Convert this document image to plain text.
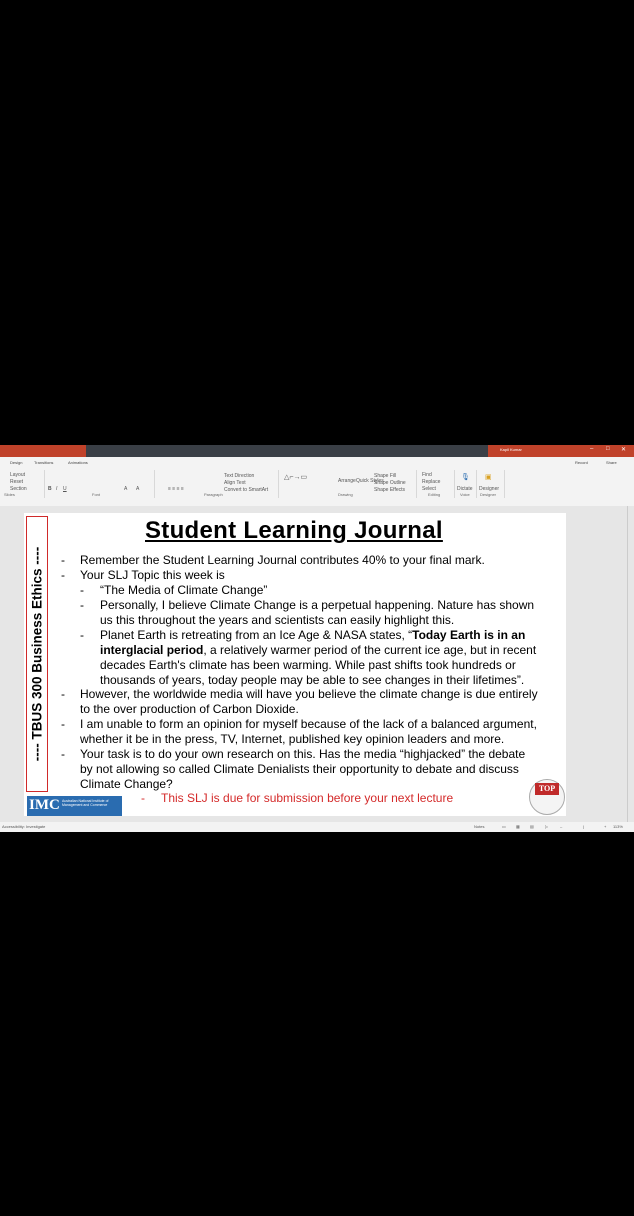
Kapil Kumar	– □ ✕
Design	Transitions	Animations	Record	Share
Layout
Reset
Section
Slides
B I U	A A
Font
Text Direction
Align Text
Convert to SmartArt
≡ ≡ ≡ ≡
Paragraph
△⌐→▭	Arrange Quick Styles
Shape Fill
Shape Outline
Shape Effects
Drawing
Find
Replace
Select
Editing
🎙
Dictate
Voice
▣
Designer
Designer
---- TBUS 300 Business Ethics ----
Student Learning Journal
- Remember the Student Learning Journal contributes 40% to your final mark.
- Your SLJ Topic this week is
- “The Media of Climate Change”
- Personally, I believe Climate Change is a perpetual happening. Nature has shown
us this throughout the years and scientists can easily highlight this.
- Planet Earth is retreating from an Ice Age & NASA states, “Today Earth is in an
interglacial period, a relatively warmer period of the current ice age, but in recent
decades Earth's climate has been warming. While past shifts took hundreds or
thousands of years, today people may be able to see changes in their lifetimes”.
- However, the worldwide media will have you believe the climate change is due entirely
to the over production of Carbon Dioxide.
- I am unable to form an opinion for myself because of the lack of a balanced argument,
whether it be in the press, TV, Internet, published key opinion leaders and more.
- Your task is to do your own research on this. Has the media “highjacked” the debate
by not allowing so called Climate Denialists their opportunity to debate and discuss
Climate Change?
- This SLJ is due for submission before your next lecture
IMC Australian National Institute of Management and Commerce
TOP
Accessibility: Investigate	Notes	▭	▦	▤	▷	–	|	+ 113%
